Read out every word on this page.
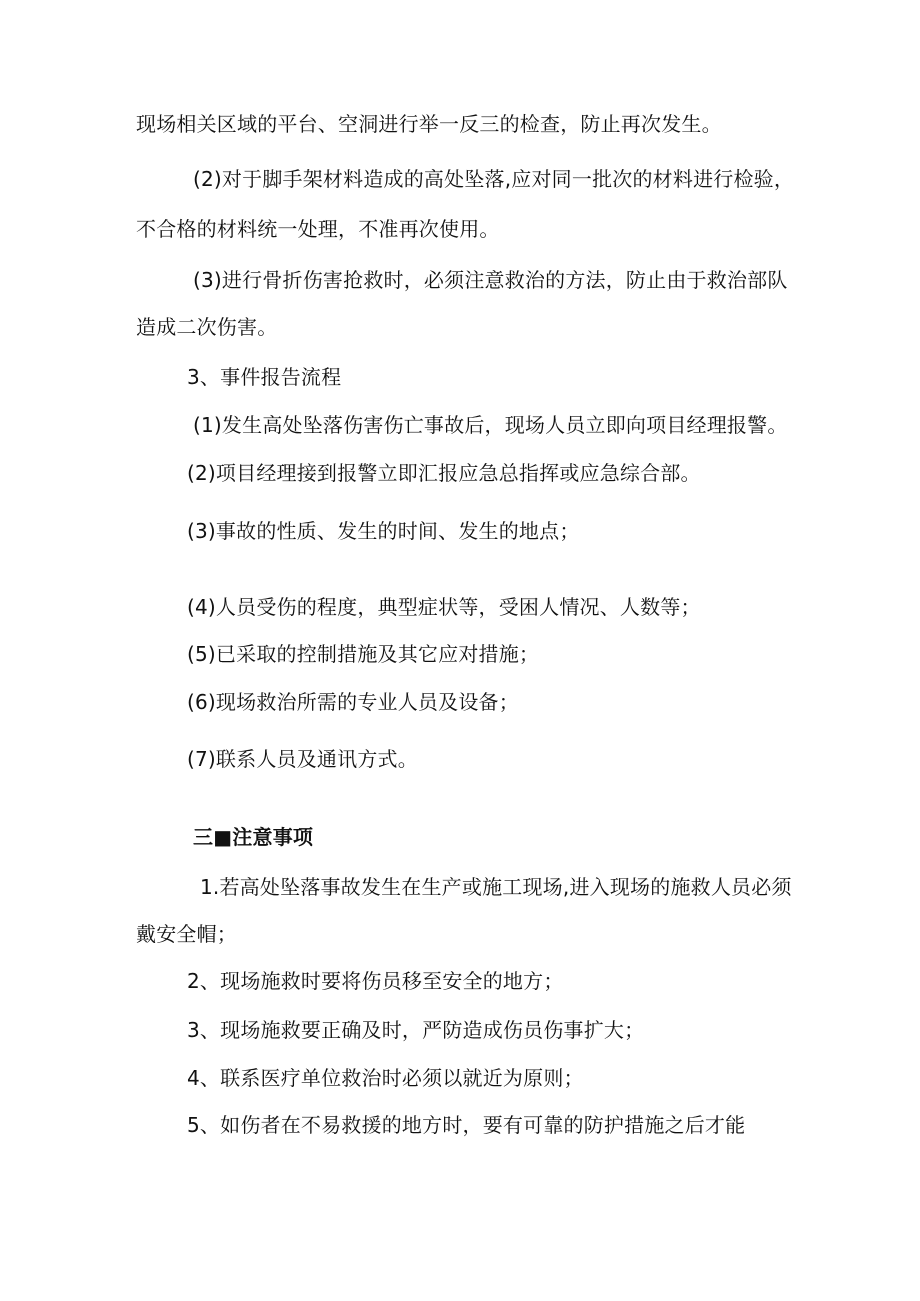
现场相关区域的平台、空洞进行举一反三的检查，防止再次发生。
(2)对于脚手架材料造成的高处坠落,应对同一批次的材料进行检验，
不合格的材料统一处理，不准再次使用。
(3)进行骨折伤害抢救时，必须注意救治的方法，防止由于救治部队
造成二次伤害。
3、事件报告流程
(1)发生高处坠落伤害伤亡事故后，现场人员立即向项目经理报警。
(2)项目经理接到报警立即汇报应急总指挥或应急综合部。
(3)事故的性质、发生的时间、发生的地点；
(4)人员受伤的程度，典型症状等，受困人情况、人数等；
(5)已采取的控制措施及其它应对措施；
(6)现场救治所需的专业人员及设备；
(7)联系人员及通讯方式。
三■注意事项
1.若高处坠落事故发生在生产或施工现场,进入现场的施救人员必须
戴安全帽；
2、现场施救时要将伤员移至安全的地方；
3、现场施救要正确及时，严防造成伤员伤事扩大；
4、联系医疗单位救治时必须以就近为原则；
5、如伤者在不易救援的地方时，要有可靠的防护措施之后才能
